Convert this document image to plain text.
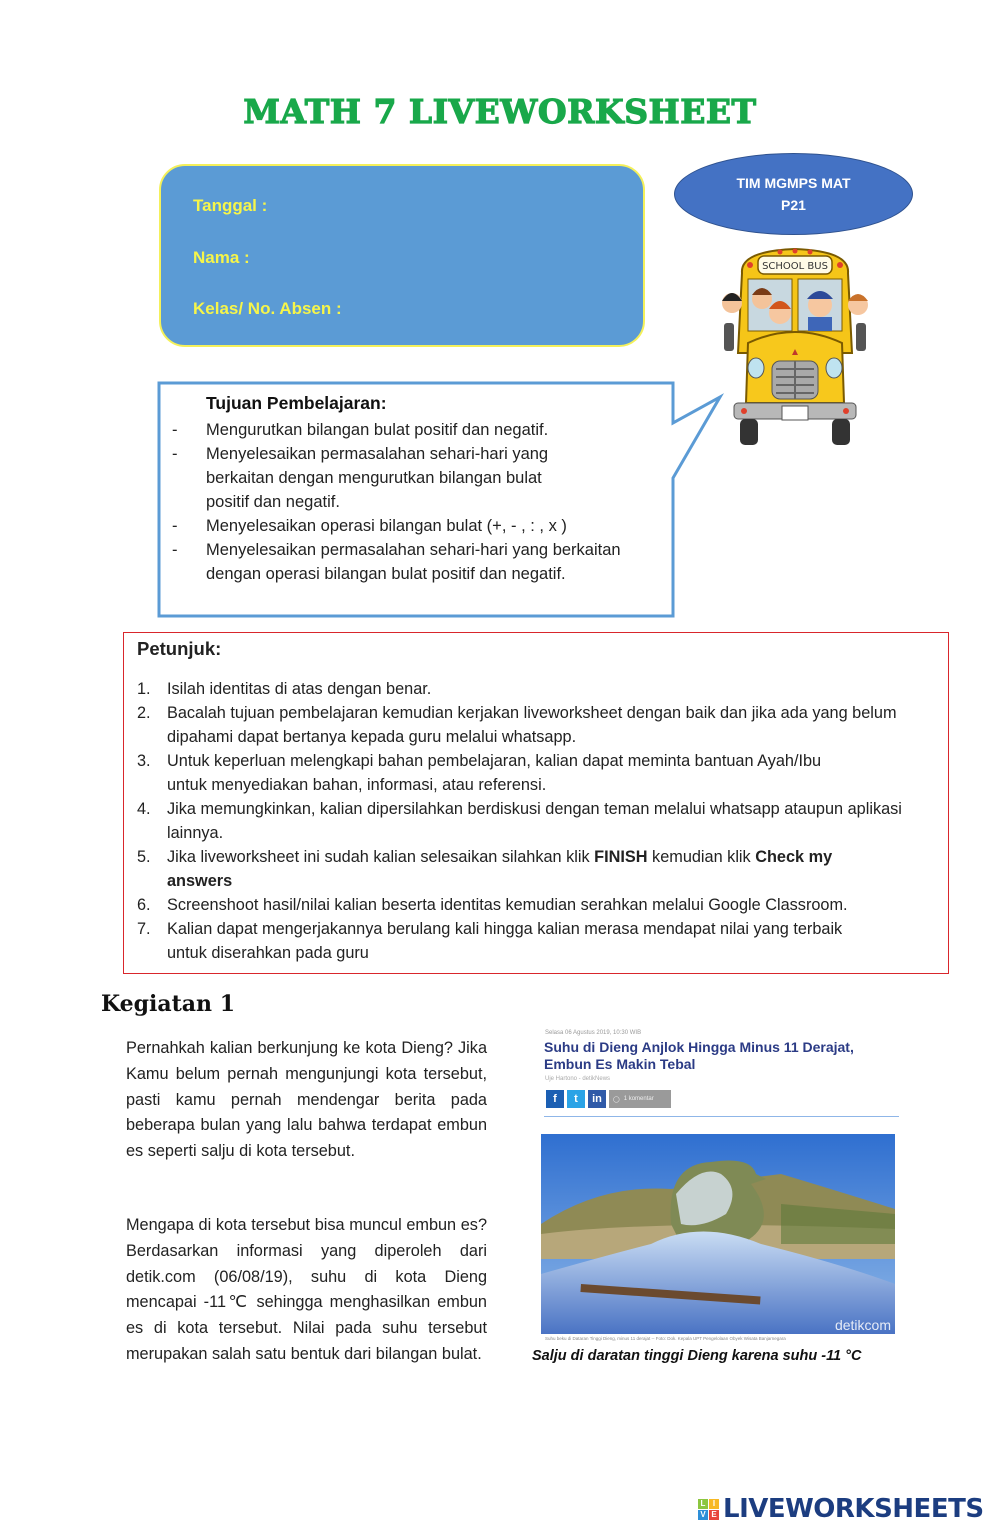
MATH 7 LIVEWORKSHEET
Tanggal :
Nama :
Kelas/ No. Absen :
TIM MGMPS MAT
P21
SCHOOL BUS
Tujuan Pembelajaran:
-	Mengurutkan bilangan bulat positif dan negatif.
-	Menyelesaikan permasalahan sehari-hari yang berkaitan dengan mengurutkan bilangan bulat positif dan negatif.
-	Menyelesaikan operasi bilangan bulat (+, - , : , x )
-	Menyelesaikan permasalahan sehari-hari yang berkaitan dengan operasi bilangan bulat positif dan negatif.
Petunjuk:
1.	Isilah identitas di atas dengan benar.
2.	Bacalah tujuan pembelajaran kemudian kerjakan liveworksheet dengan baik dan jika ada yang belum dipahami dapat bertanya kepada guru melalui whatsapp.
3.	Untuk keperluan melengkapi bahan pembelajaran, kalian dapat meminta bantuan Ayah/Ibu untuk menyediakan bahan, informasi, atau referensi.
4.	Jika memungkinkan, kalian dipersilahkan berdiskusi dengan teman melalui whatsapp ataupun aplikasi lainnya.
5.	Jika liveworksheet ini sudah kalian selesaikan silahkan klik FINISH kemudian klik Check my answers
6.	Screenshoot hasil/nilai kalian beserta identitas kemudian serahkan melalui Google Classroom.
7.	Kalian dapat mengerjakannya berulang kali hingga kalian merasa mendapat nilai yang terbaik untuk diserahkan pada guru
Kegiatan 1
Pernahkah kalian berkunjung ke kota Dieng? Jika Kamu belum pernah mengunjungi kota tersebut, pasti kamu pernah mendengar berita pada beberapa bulan yang lalu bahwa terdapat embun es seperti salju di kota tersebut.
Mengapa di kota tersebut bisa muncul embun es? Berdasarkan informasi yang diperoleh dari detik.com (06/08/19), suhu di kota Dieng mencapai -11℃ sehingga menghasilkan embun es di kota tersebut. Nilai pada suhu tersebut merupakan salah satu bentuk dari bilangan bulat.
Selasa 06 Agustus 2019, 10:30 WIB
Suhu di Dieng Anjlok Hingga Minus 11 Derajat, Embun Es Makin Tebal
Uje Hartono - detikNews
f	t	in	◯ 1 komentar
detikcom
Suhu beku di Dataran Tinggi Dieng, minus 11 derajat -- Foto: Dok. Kepala UPT Pengelolaan Obyek Wisata Banjarnegara
Salju di daratan tinggi Dieng karena suhu -11 °C
L I
V E LIVEWORKSHEETS
